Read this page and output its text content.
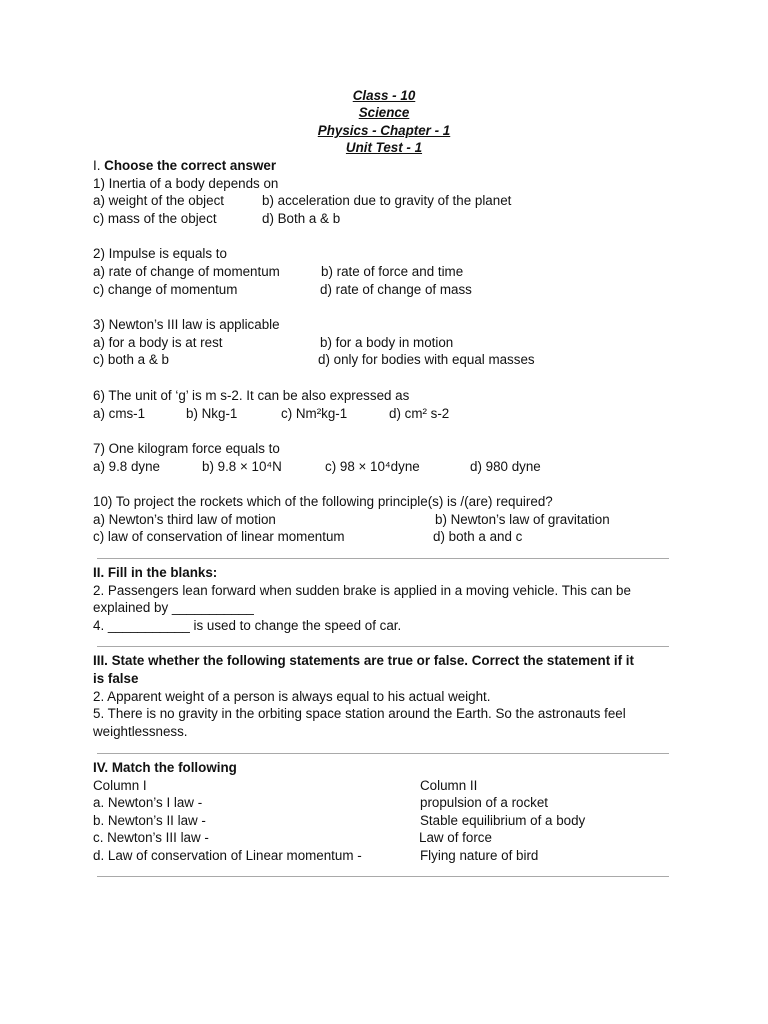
Class - 10
Science
Physics - Chapter - 1
Unit Test - 1
I. Choose the correct answer
1) Inertia of a body depends on
a) weight of the object	b) acceleration due to gravity of the planet
c) mass of the object	d) Both a & b
2) Impulse is equals to
a) rate of change of momentum	b) rate of force and time
c) change of momentum	d) rate of change of mass
3) Newton’s III law is applicable
a) for a body is at rest	b) for a body in motion
c) both a & b	d) only for bodies with equal masses
6) The unit of ‘g’ is m s-2. It can be also expressed as
a) cms-1	b) Nkg-1	c) Nm²kg-1	d) cm² s-2
7) One kilogram force equals to
a) 9.8 dyne	b) 9.8 × 10⁴N	c) 98 × 10⁴dyne	d) 980 dyne
10) To project the rockets which of the following principle(s) is /(are) required?
a) Newton’s third law of motion	b) Newton’s law of gravitation
c) law of conservation of linear momentum	d) both a and c
II. Fill in the blanks:
2. Passengers lean forward when sudden brake is applied in a moving vehicle. This can be
explained by ___________
4. ___________ is used to change the speed of car.
III. State whether the following statements are true or false. Correct the statement if it
is false
2. Apparent weight of a person is always equal to his actual weight.
5. There is no gravity in the orbiting space station around the Earth. So the astronauts feel
weightlessness.
IV. Match the following
Column I	Column II
a. Newton’s I law -	propulsion of a rocket
b. Newton’s II law -	Stable equilibrium of a body
c. Newton’s III law -	Law of force
d. Law of conservation of Linear momentum -	Flying nature of bird
